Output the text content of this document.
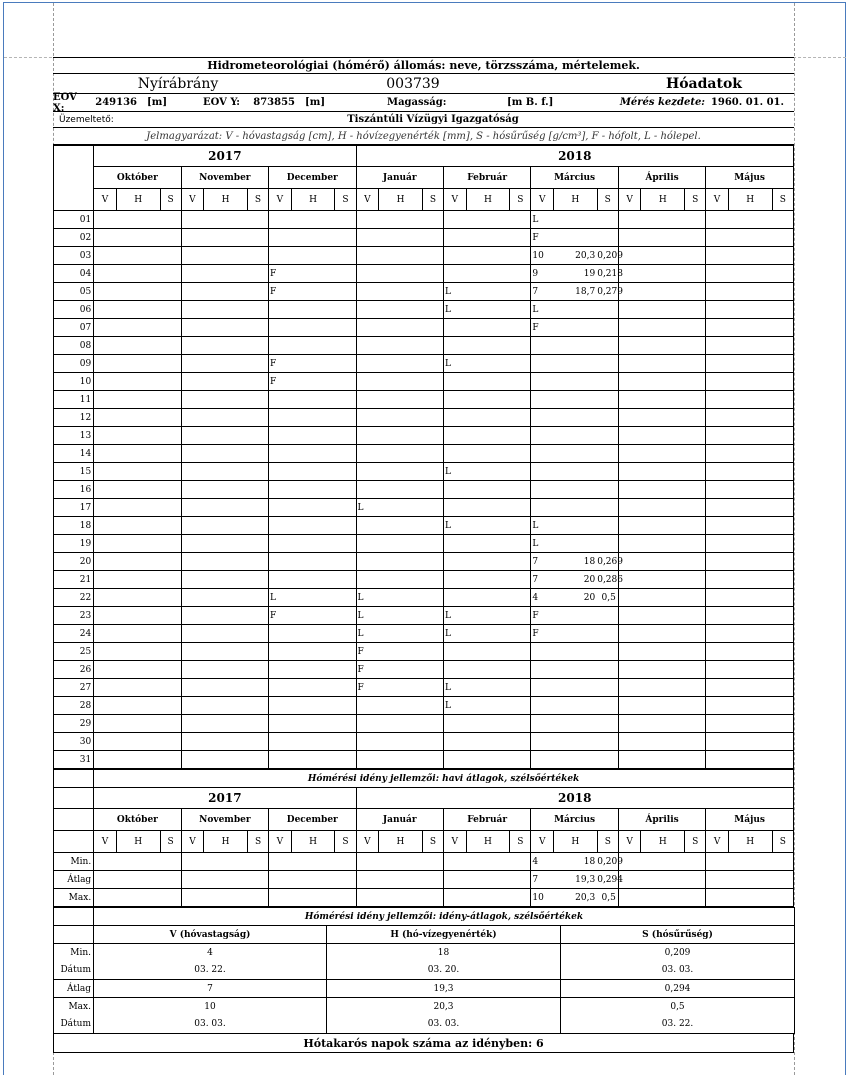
Hidrometeorológiai (hómérő) állomás: neve, törzsszáma, mértelemek.
Nyírábrány	003739	Hóadatok
EOV X:	249136	[m]	EOV Y:	873855	[m]	Magasság:	[m B. f.]	Mérés kezdete: 1960. 01. 01.
Üzemeltető:	Tiszántúli Vízügyi Igazgatóság
Jelmagyarázat: V - hóvastagság [cm], H - hóvízegyenérték [mm], S - hósűrűség [g/cm³], F - hófolt, L - hólepel.
	2017									2018														
	Október			November			December			Január			Február			Március			Április			Május		
	V	H	S	V	H	S	V	H	S	V	H	S	V	H	S	V	H	S	V	H	S	V	H	S
01																L								
02																F								
03																10	20,3	0,209						
04							F									9	19	0,218						
05							F						L			7	18,7	0,279						
06													L			L								
07																F								
08																								
09							F						L											
10							F																	
11																								
12																								
13																								
14																								
15													L											
16																								
17										L														
18													L			L								
19																L								
20																7	18	0,269						
21																7	20	0,286						
22							L			L						4	20	0,5						
23							F			L			L			F								
24										L			L			F								
25										F														
26										F														
27										F			L											
28													L											
29																								
30																								
31																								
	Hómérési idény jellemzői: havi átlagok, szélsőértékek																							
	2017									2018														
	Október			November			December			Január			Február			Március			Április			Május		
	V	H	S	V	H	S	V	H	S	V	H	S	V	H	S	V	H	S	V	H	S	V	H	S
Min.																4	18	0,209						
Átlag																7	19,3	0,294						
Max.																10	20,3	0,5						
	Hómérési idény jellemzői: idény-átlagok, szélsőértékek		
	V (hóvastagság)	H (hó-vízegyenérték)	S (hósűrűség)
Min.	4	18	0,209
Dátum	03. 22.	03. 20.	03. 03.
Átlag	7	19,3	0,294
Max.	10	20,3	0,5
Dátum	03. 03.	03. 03.	03. 22.
Hótakarós napok száma az idényben: 6
